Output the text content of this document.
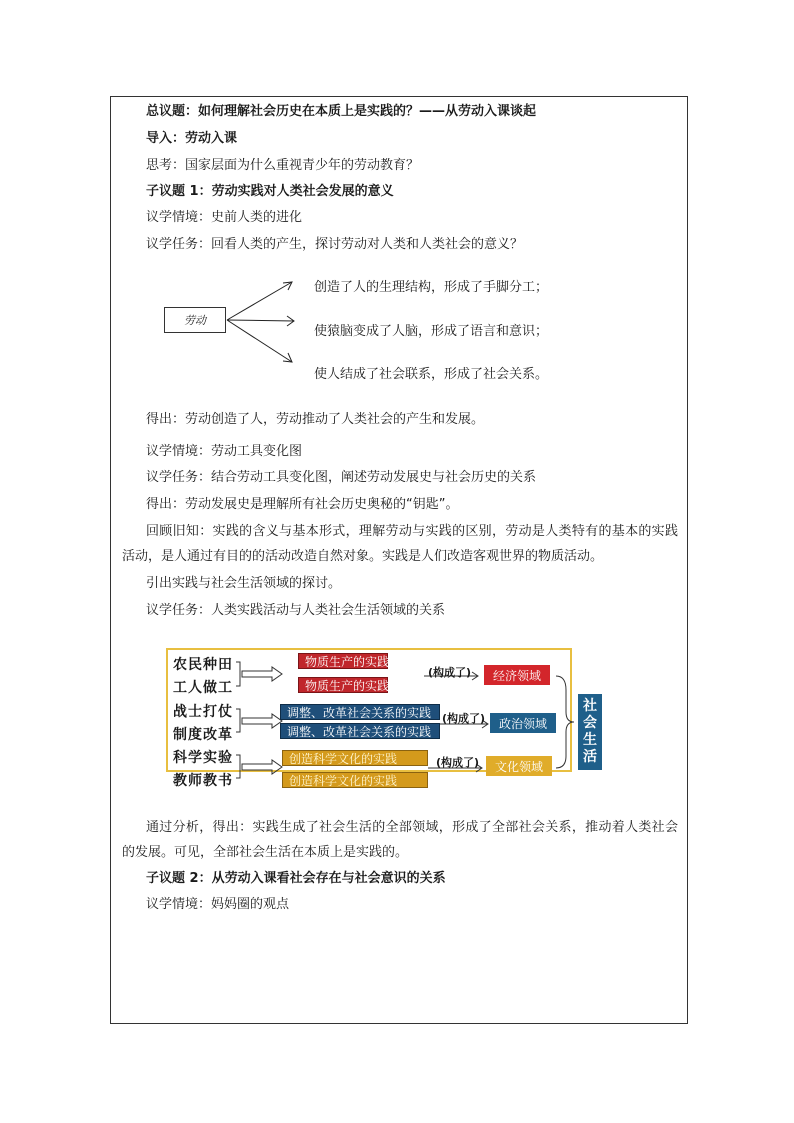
总议题：如何理解社会历史在本质上是实践的？——从劳动入课谈起
导入：劳动入课
思考：国家层面为什么重视青少年的劳动教育？
子议题 1：劳动实践对人类社会发展的意义
议学情境：史前人类的进化
议学任务：回看人类的产生，探讨劳动对人类和人类社会的意义？
劳动
创造了人的生理结构，形成了手脚分工；
使猿脑变成了人脑，形成了语言和意识；
使人结成了社会联系，形成了社会关系。
得出：劳动创造了人，劳动推动了人类社会的产生和发展。
议学情境：劳动工具变化图
议学任务：结合劳动工具变化图，阐述劳动发展史与社会历史的关系
得出：劳动发展史是理解所有社会历史奥秘的“钥匙”。
回顾旧知：实践的含义与基本形式，理解劳动与实践的区别，劳动是人类特有的基本的实践活动，是人通过有目的的活动改造自然对象。实践是人们改造客观世界的物质活动。
引出实践与社会生活领域的探讨。
议学任务：人类实践活动与人类社会生活领域的关系
农民种田
工人做工
战士打仗
制度改革
科学实验
教师教书
物质生产的实践
物质生产的实践
调整、改革社会关系的实践
调整、改革社会关系的实践
创造科学文化的实践
创造科学文化的实践
(构成了)
(构成了)
(构成了)
经济领域
政治领域
文化领域
社
会
生
活
通过分析，得出：实践生成了社会生活的全部领域，形成了全部社会关系，推动着人类社会的发展。可见，全部社会生活在本质上是实践的。
子议题 2：从劳动入课看社会存在与社会意识的关系
议学情境：妈妈圈的观点
